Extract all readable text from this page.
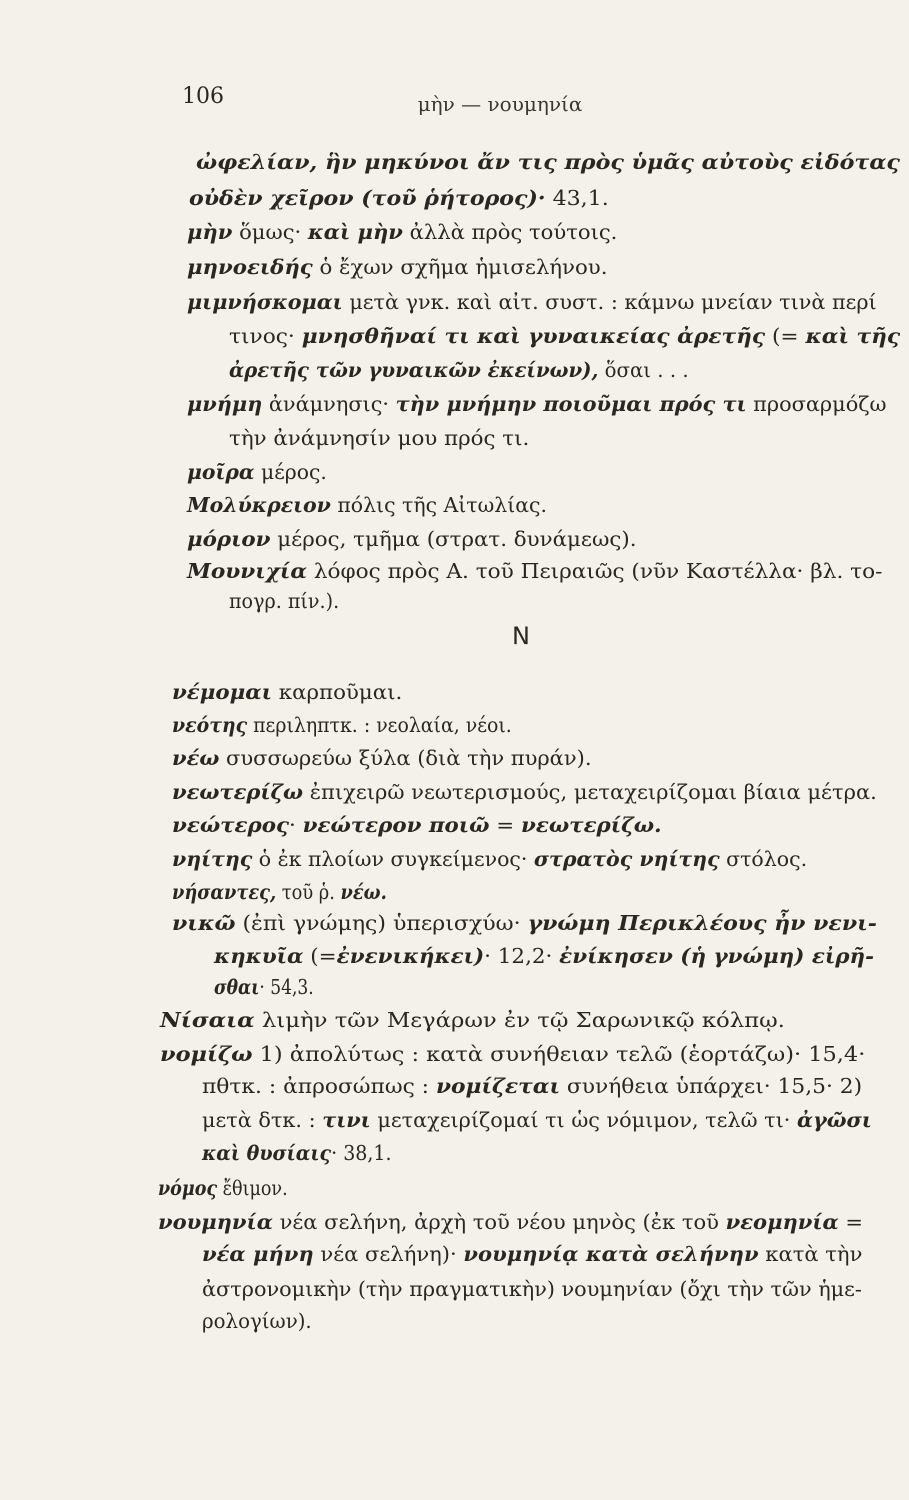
106	μὴν — νουμηνία
Ν
ὠφελίαν, ἣν μηκύνοι ἄν τις πρὸς ὑμᾶς αὐτοὺς εἰδότας
οὐδὲν χεῖρον (τοῦ ῥήτορος)· 43,1.
μὴν ὅμως· καὶ μὴν ἀλλὰ πρὸς τούτοις.
μηνοειδής ὁ ἔχων σχῆμα ἡμισελήνου.
μιμνήσκομαι μετὰ γνκ. καὶ αἰτ. συστ. : κάμνω μνείαν τινὰ περί
τινος· μνησθῆναί τι καὶ γυναικείας ἀρετῆς (= καὶ τῆς
ἀρετῆς τῶν γυναικῶν ἐκείνων), ὅσαι . . .
μνήμη ἀνάμνησις· τὴν μνήμην ποιοῦμαι πρός τι προσαρμόζω
τὴν ἀνάμνησίν μου πρός τι.
μοῖρα μέρος.
Μολύκρειον πόλις τῆς Αἰτωλίας.
μόριον μέρος, τμῆμα (στρατ. δυνάμεως).
Μουνιχία λόφος πρὸς Α. τοῦ Πειραιῶς (νῦν Καστέλλα· βλ. το-
πογρ. πίν.).
νέμομαι καρποῦμαι.
νεότης περιληπτκ. : νεολαία, νέοι.
νέω συσσωρεύω ξύλα (διὰ τὴν πυράν).
νεωτερίζω ἐπιχειρῶ νεωτερισμούς, μεταχειρίζομαι βίαια μέτρα.
νεώτερος· νεώτερον ποιῶ = νεωτερίζω.
νηίτης ὁ ἐκ πλοίων συγκείμενος· στρατὸς νηίτης στόλος.
νήσαντες, τοῦ ῥ. νέω.
νικῶ (ἐπὶ γνώμης) ὑπερισχύω· γνώμη Περικλέους ἦν νενι-
κηκυῖα (=ἐνενικήκει)· 12,2· ἐνίκησεν (ἡ γνώμη) εἰρῆ-
σθαι· 54,3.
Νίσαια λιμὴν τῶν Μεγάρων ἐν τῷ Σαρωνικῷ κόλπῳ.
νομίζω 1) ἀπολύτως : κατὰ συνήθειαν τελῶ (ἑορτάζω)· 15,4·
πθτκ. : ἀπροσώπως : νομίζεται συνήθεια ὑπάρχει· 15,5· 2)
μετὰ δτκ. : τινι μεταχειρίζομαί τι ὡς νόμιμον, τελῶ τι· ἀγῶσι
καὶ θυσίαις· 38,1.
νόμος ἔθιμον.
νουμηνία νέα σελήνη, ἀρχὴ τοῦ νέου μηνὸς (ἐκ τοῦ νεομηνία =
νέα μήνη νέα σελήνη)· νουμηνίᾳ κατὰ σελήνην κατὰ τὴν
ἀστρονομικὴν (τὴν πραγματικὴν) νουμηνίαν (ὄχι τὴν τῶν ἡμε-
ρολογίων).
